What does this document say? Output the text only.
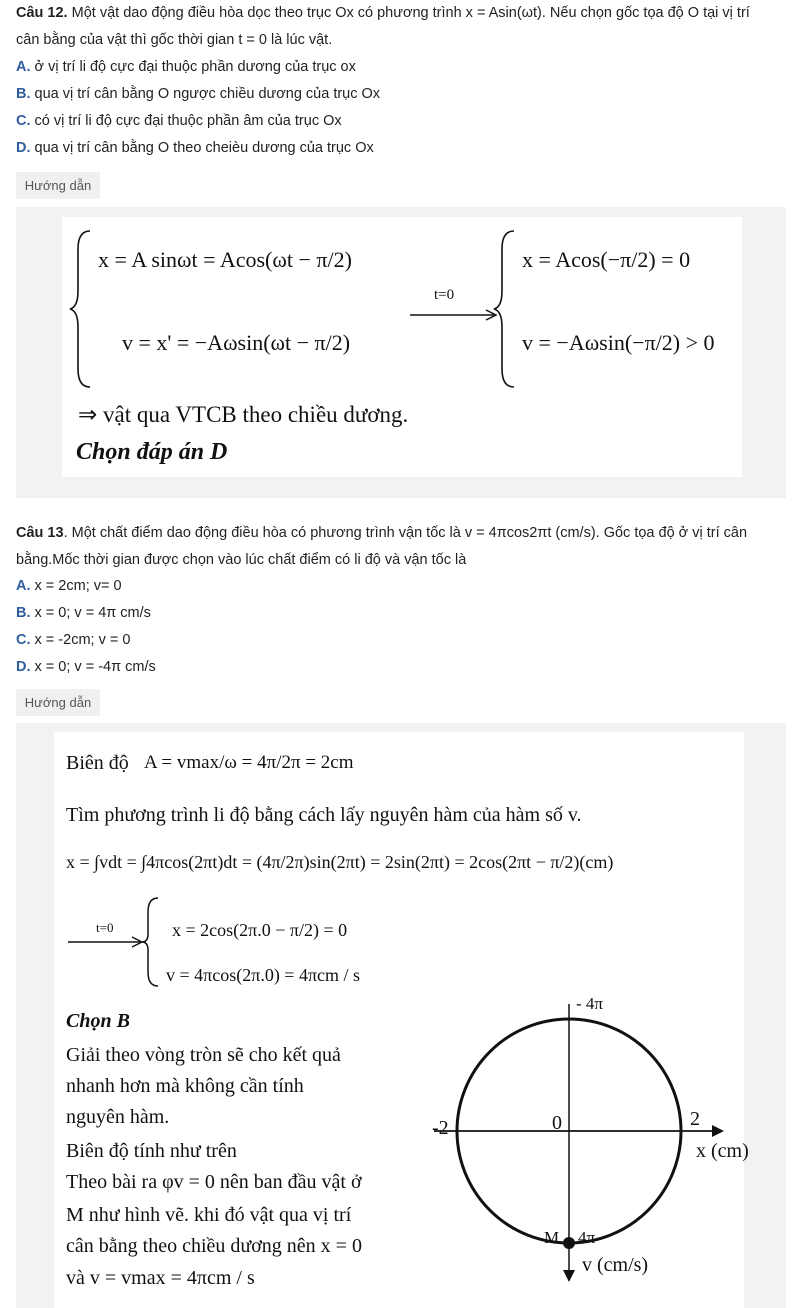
Câu 12. Một vật dao động điều hòa dọc theo trục Ox có phương trình x = Asin(ωt). Nếu chọn gốc tọa độ O tại vị trí
cân bằng của vật thì gốc thời gian t = 0 là lúc vật.
A. ở vị trí li độ cực đại thuộc phần dương của trục ox
B. qua vị trí cân bằng O ngược chiều dương của trục Ox
C. có vị trí li độ cực đại thuộc phần âm của trục Ox
D. qua vị trí cân bằng O theo cheièu dương của trục Ox
Hướng dẫn
x = A sinωt = Acos(ωt − π/2)
v = x' = −Aωsin(ωt − π/2)
t=0
x = Acos(−π/2) = 0
v = −Aωsin(−π/2) > 0
⇒ vật qua VTCB theo chiều dương.
Chọn đáp án D
Câu 13. Một chất điểm dao động điều hòa có phương trình vận tốc là v = 4πcos2πt (cm/s). Gốc tọa độ ở vị trí cân
bằng.Mốc thời gian được chọn vào lúc chất điểm có li độ và vận tốc là
A. x = 2cm; v= 0
B. x = 0; v = 4π cm/s
C. x = -2cm; v = 0
D. x = 0; v = -4π cm/s
Hướng dẫn
Biên độ A = vmax/ω = 4π/2π = 2cm
Tìm phương trình li độ bằng cách lấy nguyên hàm của hàm số v.
x = ∫vdt = ∫4πcos(2πt)dt = (4π/2π)sin(2πt) = 2sin(2πt) = 2cos(2πt − π/2)(cm)
t=0	x = 2cos(2π.0 − π/2) = 0
v = 4πcos(2π.0) = 4πcm / s
Chọn B
Giải theo vòng tròn sẽ cho kết quả
nhanh hơn mà không cần tính
nguyên hàm.
Biên độ tính như trên
Theo bài ra φv = 0 nên ban đầu vật ở
M như hình vẽ. khi đó vật qua vị trí
cân bằng theo chiều dương nên x = 0
và v = vmax = 4πcm / s
- 4π
-2	0	2
x (cm)
M 4π
v (cm/s)
